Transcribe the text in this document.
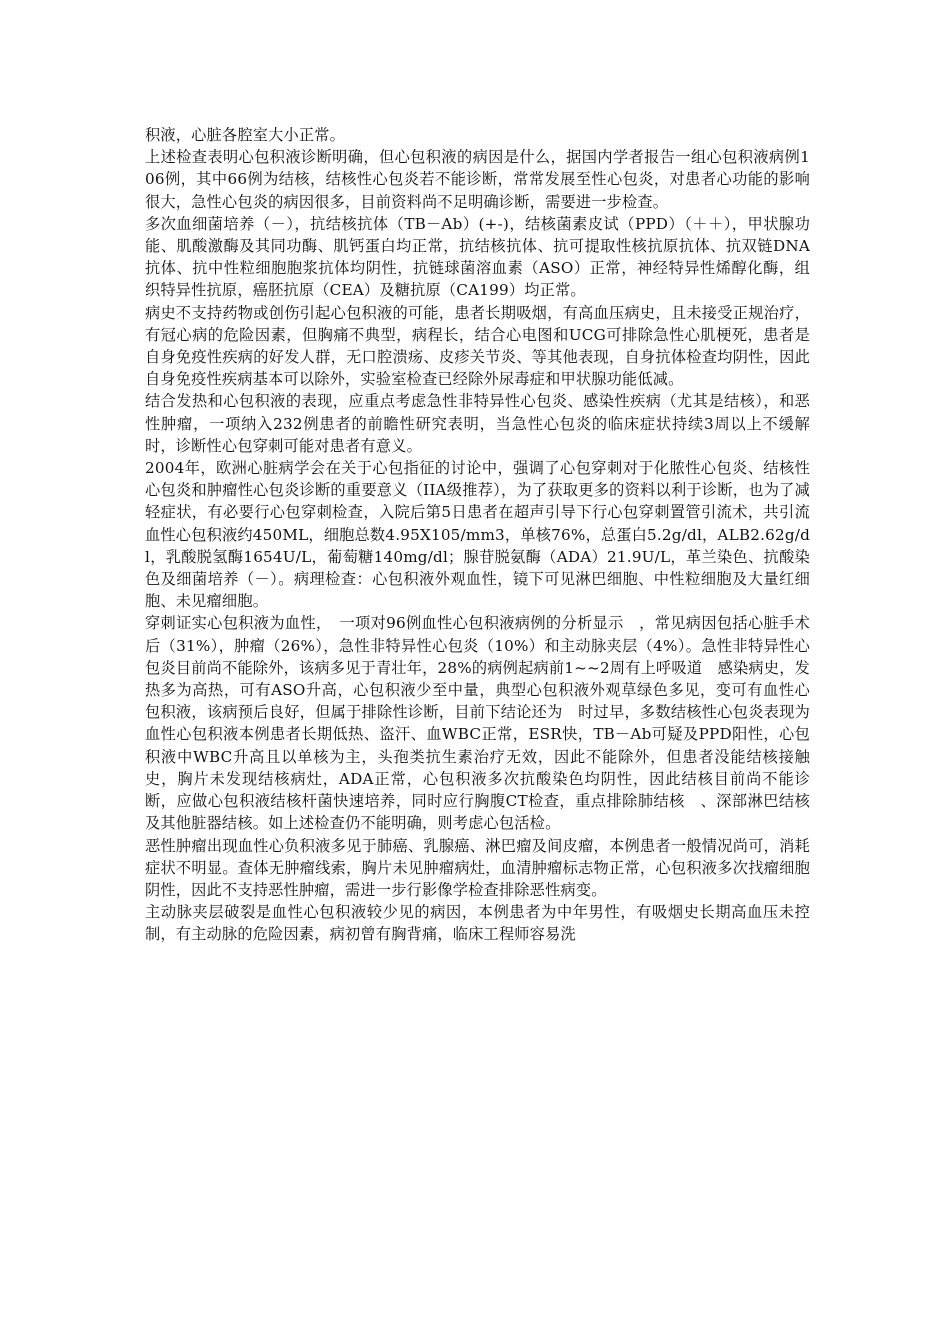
积液，心脏各腔室大小正常。

上述检查表明心包积液诊断明确，但心包积液的病因是什么，据国内学者报告一组心包积液病例106例，其中66例为结核，结核性心包炎若不能诊断，常常发展至性心包炎，对患者心功能的影响很大，急性心包炎的病因很多，目前资料尚不足明确诊断，需要进一步检查。

多次血细菌培养（－），抗结核抗体（TB－Ab）(+-)，结核菌素皮试（PPD）（＋＋），甲状腺功能、肌酸激酶及其同功酶、肌钙蛋白均正常，抗结核抗体、抗可提取性核抗原抗体、抗双链DNA抗体、抗中性粒细胞胞浆抗体均阴性，抗链球菌溶血素（ASO）正常，神经特异性烯醇化酶，组织特异性抗原，癌胚抗原（CEA）及糖抗原（CA199）均正常。

病史不支持药物或创伤引起心包积液的可能，患者长期吸烟，有高血压病史，且未接受正规治疗，有冠心病的危险因素，但胸痛不典型，病程长，结合心电图和UCG可排除急性心肌梗死，患者是自身免疫性疾病的好发人群，无口腔溃疡、皮疹关节炎、等其他表现，自身抗体检查均阴性，因此自身免疫性疾病基本可以除外，实验室检查已经除外尿毒症和甲状腺功能低减。

结合发热和心包积液的表现，应重点考虑急性非特异性心包炎、感染性疾病（尤其是结核），和恶性肿瘤，一项纳入232例患者的前瞻性研究表明，当急性心包炎的临床症状持续3周以上不缓解时，诊断性心包穿刺可能对患者有意义。

2004年，欧洲心脏病学会在关于心包指征的讨论中，强调了心包穿刺对于化脓性心包炎、结核性心包炎和肿瘤性心包炎诊断的重要意义（IIA级推荐），为了获取更多的资料以利于诊断，也为了减轻症状，有必要行心包穿刺检查，入院后第5日患者在超声引导下行心包穿刺置管引流术，共引流血性心包积液约450ML，细胞总数4.95X105/mm3，单核76%，总蛋白5.2g/dl，ALB2.62g/dl，乳酸脱氢酶1654U/L，葡萄糖140mg/dl；腺苷脱氨酶（ADA）21.9U/L，革兰染色、抗酸染色及细菌培养（－）。病理检查：心包积液外观血性，镜下可见淋巴细胞、中性粒细胞及大量红细胞、未见瘤细胞。

穿刺证实心包积液为血性，　一项对96例血性心包积液病例的分析显示　，常见病因包括心脏手术后（31%），肿瘤（26%），急性非特异性心包炎（10%）和主动脉夹层（4%）。急性非特异性心包炎目前尚不能除外，该病多见于青壮年，28%的病例起病前1~~2周有上呼吸道　感染病史，发热多为高热，可有ASO升高，心包积液少至中量，典型心包积液外观草绿色多见，变可有血性心包积液，该病预后良好，但属于排除性诊断，目前下结论还为　时过早，多数结核性心包炎表现为血性心包积液本例患者长期低热、盗汗、血WBC正常，ESR快，TB－Ab可疑及PPD阳性，心包积液中WBC升高且以单核为主，头孢类抗生素治疗无效，因此不能除外，但患者没能结核接触史，胸片未发现结核病灶，ADA正常，心包积液多次抗酸染色均阴性，因此结核目前尚不能诊断，应做心包积液结核杆菌快速培养，同时应行胸腹CT检查，重点排除肺结核　、深部淋巴结核及其他脏器结核。如上述检查仍不能明确，则考虑心包活检。

恶性肿瘤出现血性心负积液多见于肺癌、乳腺癌、淋巴瘤及间皮瘤，本例患者一般情况尚可，消耗症状不明显。查体无肿瘤线索，胸片未见肿瘤病灶，血清肿瘤标志物正常，心包积液多次找瘤细胞阴性，因此不支持恶性肿瘤，需进一步行影像学检查排除恶性病变。

主动脉夹层破裂是血性心包积液较少见的病因，本例患者为中年男性，有吸烟史长期高血压未控制，有主动脉的危险因素，病初曾有胸背痛，临床工程师容易洗
